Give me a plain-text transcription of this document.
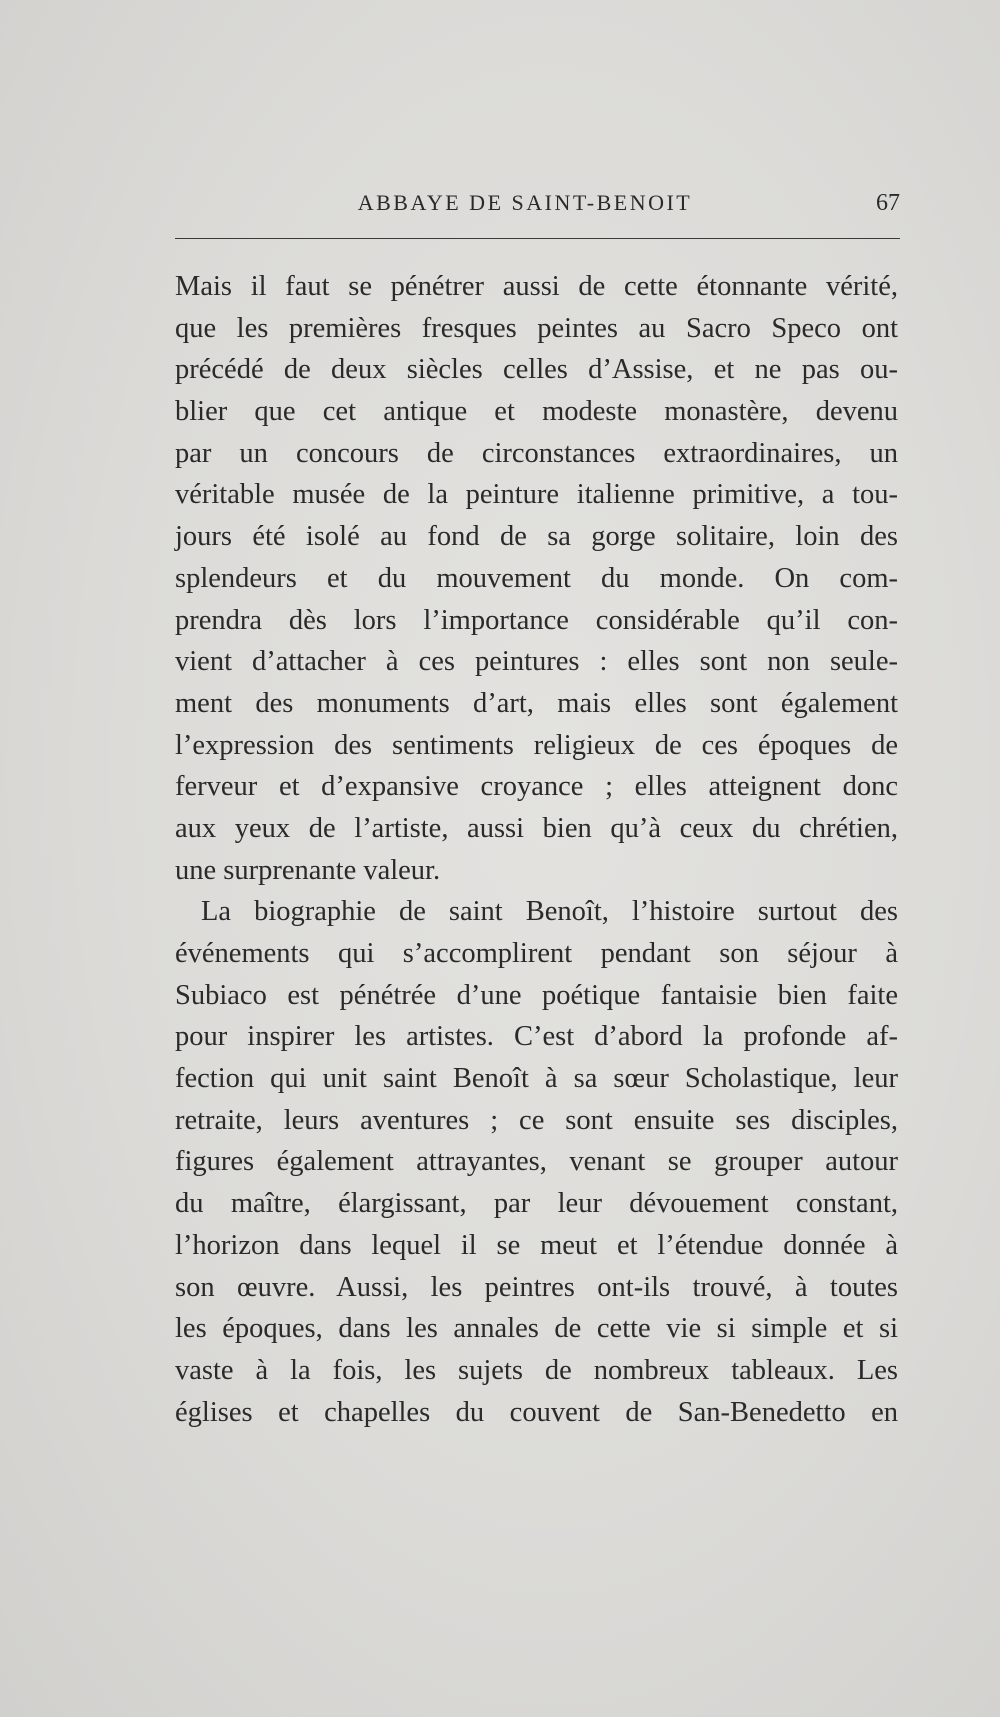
ABBAYE DE SAINT-BENOIT	67
Mais il faut se pénétrer aussi de cette étonnante vérité,
que les premières fresques peintes au Sacro Speco ont
précédé de deux siècles celles d’Assise, et ne pas ou-
blier que cet antique et modeste monastère, devenu
par un concours de circonstances extraordinaires, un
véritable musée de la peinture italienne primitive, a tou-
jours été isolé au fond de sa gorge solitaire, loin des
splendeurs et du mouvement du monde. On com-
prendra dès lors l’importance considérable qu’il con-
vient d’attacher à ces peintures : elles sont non seule-
ment des monuments d’art, mais elles sont également
l’expression des sentiments religieux de ces époques de
ferveur et d’expansive croyance ; elles atteignent donc
aux yeux de l’artiste, aussi bien qu’à ceux du chrétien,
une surprenante valeur.
La biographie de saint Benoît, l’histoire surtout des
événements qui s’accomplirent pendant son séjour à
Subiaco est pénétrée d’une poétique fantaisie bien faite
pour inspirer les artistes. C’est d’abord la profonde af-
fection qui unit saint Benoît à sa sœur Scholastique, leur
retraite, leurs aventures ; ce sont ensuite ses disciples,
figures également attrayantes, venant se grouper autour
du maître, élargissant, par leur dévouement constant,
l’horizon dans lequel il se meut et l’étendue donnée à
son œuvre. Aussi, les peintres ont-ils trouvé, à toutes
les époques, dans les annales de cette vie si simple et si
vaste à la fois, les sujets de nombreux tableaux. Les
églises et chapelles du couvent de San-Benedetto en
